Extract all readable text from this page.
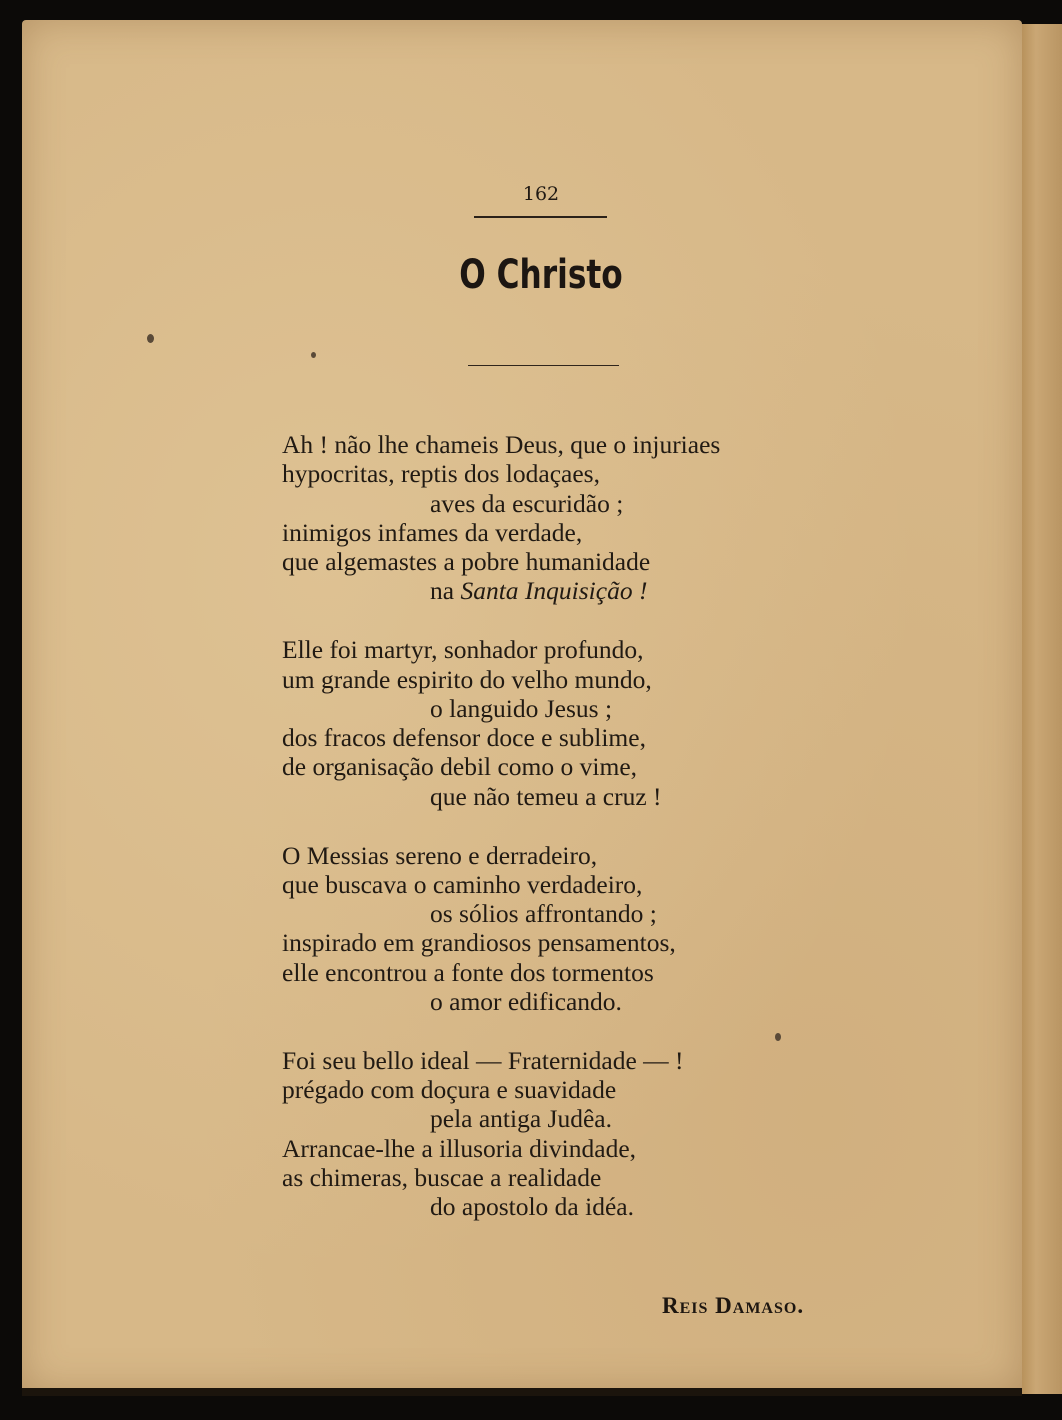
162
O Christo
Ah ! não lhe chameis Deus, que o injuriaes
hypocritas, reptis dos lodaçaes,
aves da escuridão ;
inimigos infames da verdade,
que algemastes a pobre humanidade
na Santa Inquisição !
Elle foi martyr, sonhador profundo,
um grande espirito do velho mundo,
o languido Jesus ;
dos fracos defensor doce e sublime,
de organisação debil como o vime,
que não temeu a cruz !
O Messias sereno e derradeiro,
que buscava o caminho verdadeiro,
os sólios affrontando ;
inspirado em grandiosos pensamentos,
elle encontrou a fonte dos tormentos
o amor edificando.
Foi seu bello ideal — Fraternidade — !
prégado com doçura e suavidade
pela antiga Judêa.
Arrancae-lhe a illusoria divindade,
as chimeras, buscae a realidade
do apostolo da idéa.
Reis Damaso.
